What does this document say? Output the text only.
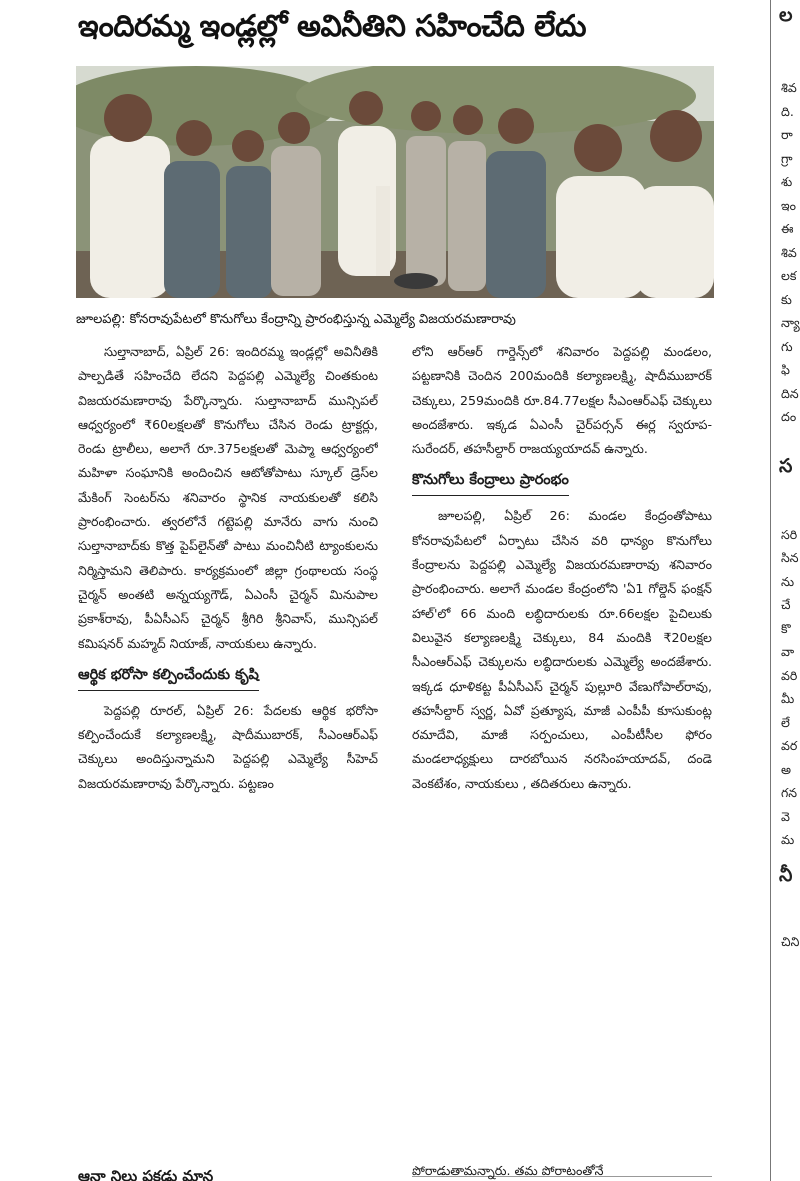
ఇందిరమ్మ ఇండ్లల్లో అవినీతిని సహించేది లేదు
జూలపల్లి: కోనరావుపేటలో కొనుగోలు కేంద్రాన్ని ప్రారంభిస్తున్న ఎమ్మెల్యే విజయరమణారావు

సుల్తానాబాద్, ఏప్రిల్ 26: ఇందిరమ్మ ఇండ్లల్లో అవినీతికి పాల్పడితే సహించేది లేదని పెద్దపల్లి ఎమ్మెల్యే చింతకుంట విజయరమణారావు పేర్కొన్నారు. సుల్తానాబాద్ మున్సిపల్ ఆధ్వర్యంలో ₹60లక్షలతో కొనుగోలు చేసిన రెండు ట్రాక్టర్లు, రెండు ట్రాలీలు, అలాగే రూ.375లక్షలతో మెప్మా ఆధ్వర్యంలో మహిళా సంఘానికి అందించిన ఆటోతోపాటు స్కూల్ డ్రెస్‌ల మేకింగ్ సెంటర్‌ను శనివారం స్థానిక నాయకులతో కలిసి ప్రారంభించారు. త్వరలోనే గట్టెపల్లి మానేరు వాగు నుంచి సుల్తానాబాద్‌కు కొత్త పైప్‌లైన్‌తో పాటు మంచినీటి ట్యాంకులను నిర్మిస్తామని తెలిపారు. కార్యక్రమంలో జిల్లా గ్రంథాలయ సంస్థ చైర్మన్ అంతటి అన్నయ్యగౌడ్, ఏఎంసీ చైర్మన్ మినుపాల ప్రకాశ్‌రావు, పీఏసీఎస్ చైర్మన్ శ్రీగిరి శ్రీనివాస్, మున్సిపల్ కమిషనర్ మహ్మద్ నియాజ్, నాయకులు ఉన్నారు.

ఆర్థిక భరోసా కల్పించేందుకు కృషి

పెద్దపల్లి రూరల్, ఏప్రిల్ 26: పేదలకు ఆర్థిక భరోసా కల్పించేందుకే కల్యాణలక్ష్మి, షాదీముబారక్, సీఎంఆర్ఎఫ్ చెక్కులు అందిస్తున్నామని పెద్దపల్లి ఎమ్మెల్యే సీహెచ్ విజయరమణారావు పేర్కొన్నారు. పట్టణం

లోని ఆర్ఆర్ గార్డెన్స్‌లో శనివారం పెద్దపల్లి మండలం, పట్టణానికి చెందిన 200మందికి కల్యాణలక్ష్మి, షాదీముబారక్ చెక్కులు, 259మందికి రూ.84.77లక్షల సీఎంఆర్ఎఫ్ చెక్కులు అందజేశారు. ఇక్కడ ఏఎంసీ చైర్‌పర్సన్ ఈర్ల స్వరూప-సురేందర్, తహసీల్దార్ రాజయ్యయాదవ్ ఉన్నారు.

కొనుగోలు కేంద్రాలు ప్రారంభం

జూలపల్లి, ఏప్రిల్ 26: మండల కేంద్రంతోపాటు కోనరావుపేటలో ఏర్పాటు చేసిన వరి ధాన్యం కొనుగోలు కేంద్రాలను పెద్దపల్లి ఎమ్మెల్యే విజయరమణారావు శనివారం ప్రారంభించారు. అలాగే మండల కేంద్రంలోని 'ఏ1 గోల్డెన్ ఫంక్షన్ హాల్'లో 66 మంది లబ్ధిదారులకు రూ.66లక్షల పైచిలుకు విలువైన కల్యాణలక్ష్మి చెక్కులు, 84 మందికి ₹20లక్షల సీఎంఆర్ఎఫ్ చెక్కులను లబ్ధిదారులకు ఎమ్మెల్యే అందజేశారు. ఇక్కడ ధూళికట్ట పీఏసీఎస్ చైర్మన్ పుల్లూరి వేణుగోపాల్‌రావు, తహసీల్దార్ స్వర్ణ, ఏవో ప్రత్యూష, మాజీ ఎంపీపీ కూసుకుంట్ల రమాదేవి, మాజీ సర్పంచులు, ఎంపీటీసీల ఫోరం మండలాధ్యక్షులు దారబోయిన నరసింహయాదవ్, దండె వెంకటేశం, నాయకులు , తదితరులు ఉన్నారు.

ఆనా నిలు పకడు మాన	పోరాడుతామన్నారు. తమ పోరాటంతోనే
ల
శివ
ది.
రా
గ్రా
శు
ఇం
ఈ
శివ
లక
కు
న్యా
గు
ఫి
దిన
దం
స
సరి
సిన
ను
చే
కొ
వా
వరి
మీ
లే
వర
అ
గన
వె
మ
నీ
చిని
